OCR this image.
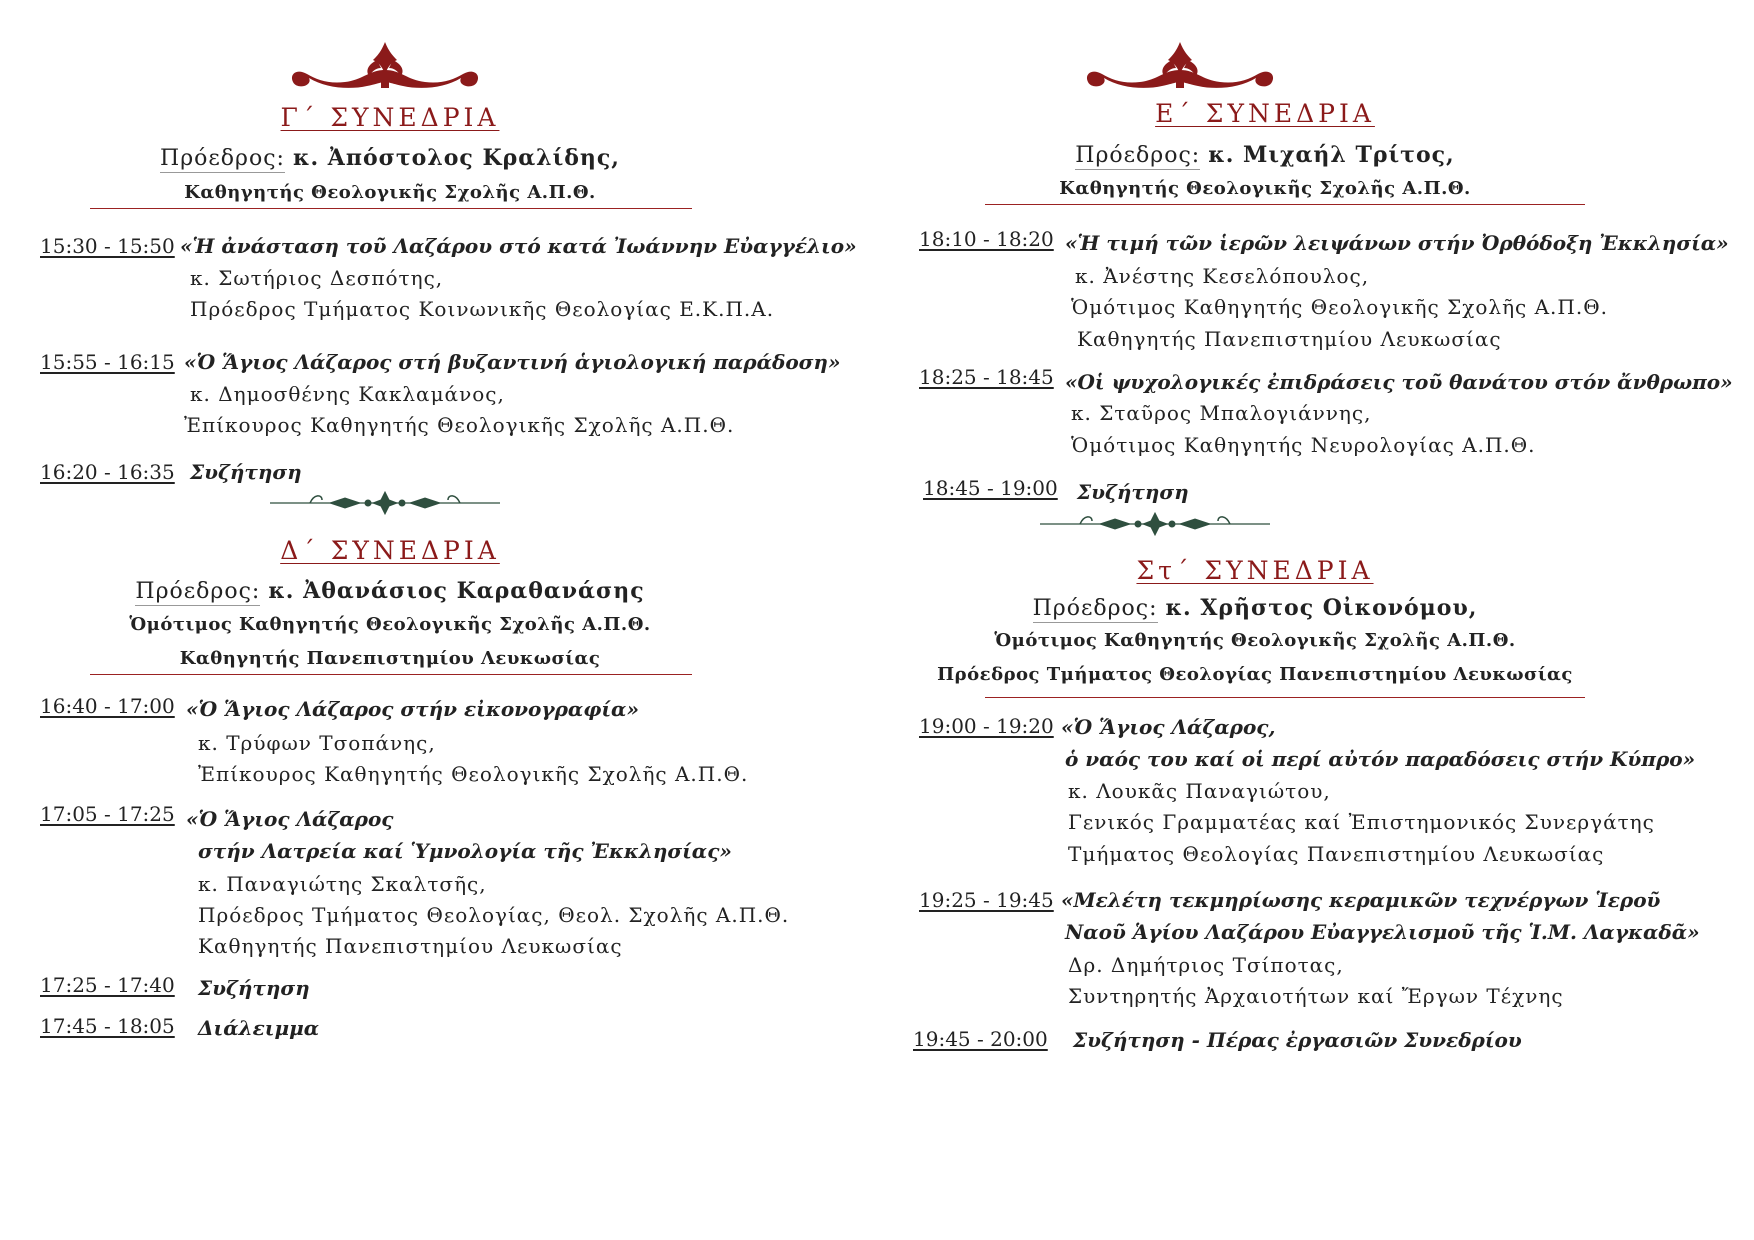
Γ΄ ΣΥΝΕΔΡΙΑ
Πρόεδρος: κ. Ἀπόστολος Κραλίδης,
Καθηγητής Θεολογικῆς Σχολῆς Α.Π.Θ.
15:30 - 15:50 «Ἡ ἀνάσταση τοῦ Λαζάρου στό κατά Ἰωάννην Εὐαγγέλιο»
κ. Σωτήριος Δεσπότης,
Πρόεδρος Τμήματος Κοινωνικῆς Θεολογίας Ε.Κ.Π.Α.
15:55 - 16:15 «Ὁ Ἅγιος Λάζαρος στή βυζαντινή ἁγιολογική παράδοση»
κ. Δημοσθένης Κακλαμάνος,
Ἐπίκουρος Καθηγητής Θεολογικῆς Σχολῆς Α.Π.Θ.
16:20 - 16:35 Συζήτηση
Δ΄ ΣΥΝΕΔΡΙΑ
Πρόεδρος: κ. Ἀθανάσιος Καραθανάσης
Ὁμότιμος Καθηγητής Θεολογικῆς Σχολῆς Α.Π.Θ.
Καθηγητής Πανεπιστημίου Λευκωσίας
16:40 - 17:00 «Ὁ Ἅγιος Λάζαρος στήν εἰκονογραφία»
κ. Τρύφων Τσοπάνης,
Ἐπίκουρος Καθηγητής Θεολογικῆς Σχολῆς Α.Π.Θ.
17:05 - 17:25 «Ὁ Ἅγιος Λάζαρος
στήν Λατρεία καί Ὑμνολογία τῆς Ἐκκλησίας»
κ. Παναγιώτης Σκαλτσῆς,
Πρόεδρος Τμήματος Θεολογίας, Θεολ. Σχολῆς Α.Π.Θ.
Καθηγητής Πανεπιστημίου Λευκωσίας
17:25 - 17:40 Συζήτηση
17:45 - 18:05 Διάλειμμα
Ε΄ ΣΥΝΕΔΡΙΑ
Πρόεδρος: κ. Μιχαήλ Τρίτος,
Καθηγητής Θεολογικῆς Σχολῆς Α.Π.Θ.
18:10 - 18:20 «Ἡ τιμή τῶν ἱερῶν λειψάνων στήν Ὀρθόδοξη Ἐκκλησία»
κ. Ἀνέστης Κεσελόπουλος,
Ὁμότιμος Καθηγητής Θεολογικῆς Σχολῆς Α.Π.Θ.
Καθηγητής Πανεπιστημίου Λευκωσίας
18:25 - 18:45 «Οἱ ψυχολογικές ἐπιδράσεις τοῦ θανάτου στόν ἄνθρωπο»
κ. Σταῦρος Μπαλογιάννης,
Ὁμότιμος Καθηγητής Νευρολογίας Α.Π.Θ.
18:45 - 19:00 Συζήτηση
Στ΄ ΣΥΝΕΔΡΙΑ
Πρόεδρος: κ. Χρῆστος Οἰκονόμου,
Ὁμότιμος Καθηγητής Θεολογικῆς Σχολῆς Α.Π.Θ.
Πρόεδρος Τμήματος Θεολογίας Πανεπιστημίου Λευκωσίας
19:00 - 19:20 «Ὁ Ἅγιος Λάζαρος,
ὁ ναός του καί οἱ περί αὐτόν παραδόσεις στήν Κύπρο»
κ. Λουκᾶς Παναγιώτου,
Γενικός Γραμματέας καί Ἐπιστημονικός Συνεργάτης
Τμήματος Θεολογίας Πανεπιστημίου Λευκωσίας
19:25 - 19:45 «Μελέτη τεκμηρίωσης κεραμικῶν τεχνέργων Ἱεροῦ
Ναοῦ Ἁγίου Λαζάρου Εὐαγγελισμοῦ τῆς Ἱ.Μ. Λαγκαδᾶ»
Δρ. Δημήτριος Τσίποτας,
Συντηρητής Ἀρχαιοτήτων καί Ἔργων Τέχνης
19:45 - 20:00 Συζήτηση - Πέρας ἐργασιῶν Συνεδρίου
